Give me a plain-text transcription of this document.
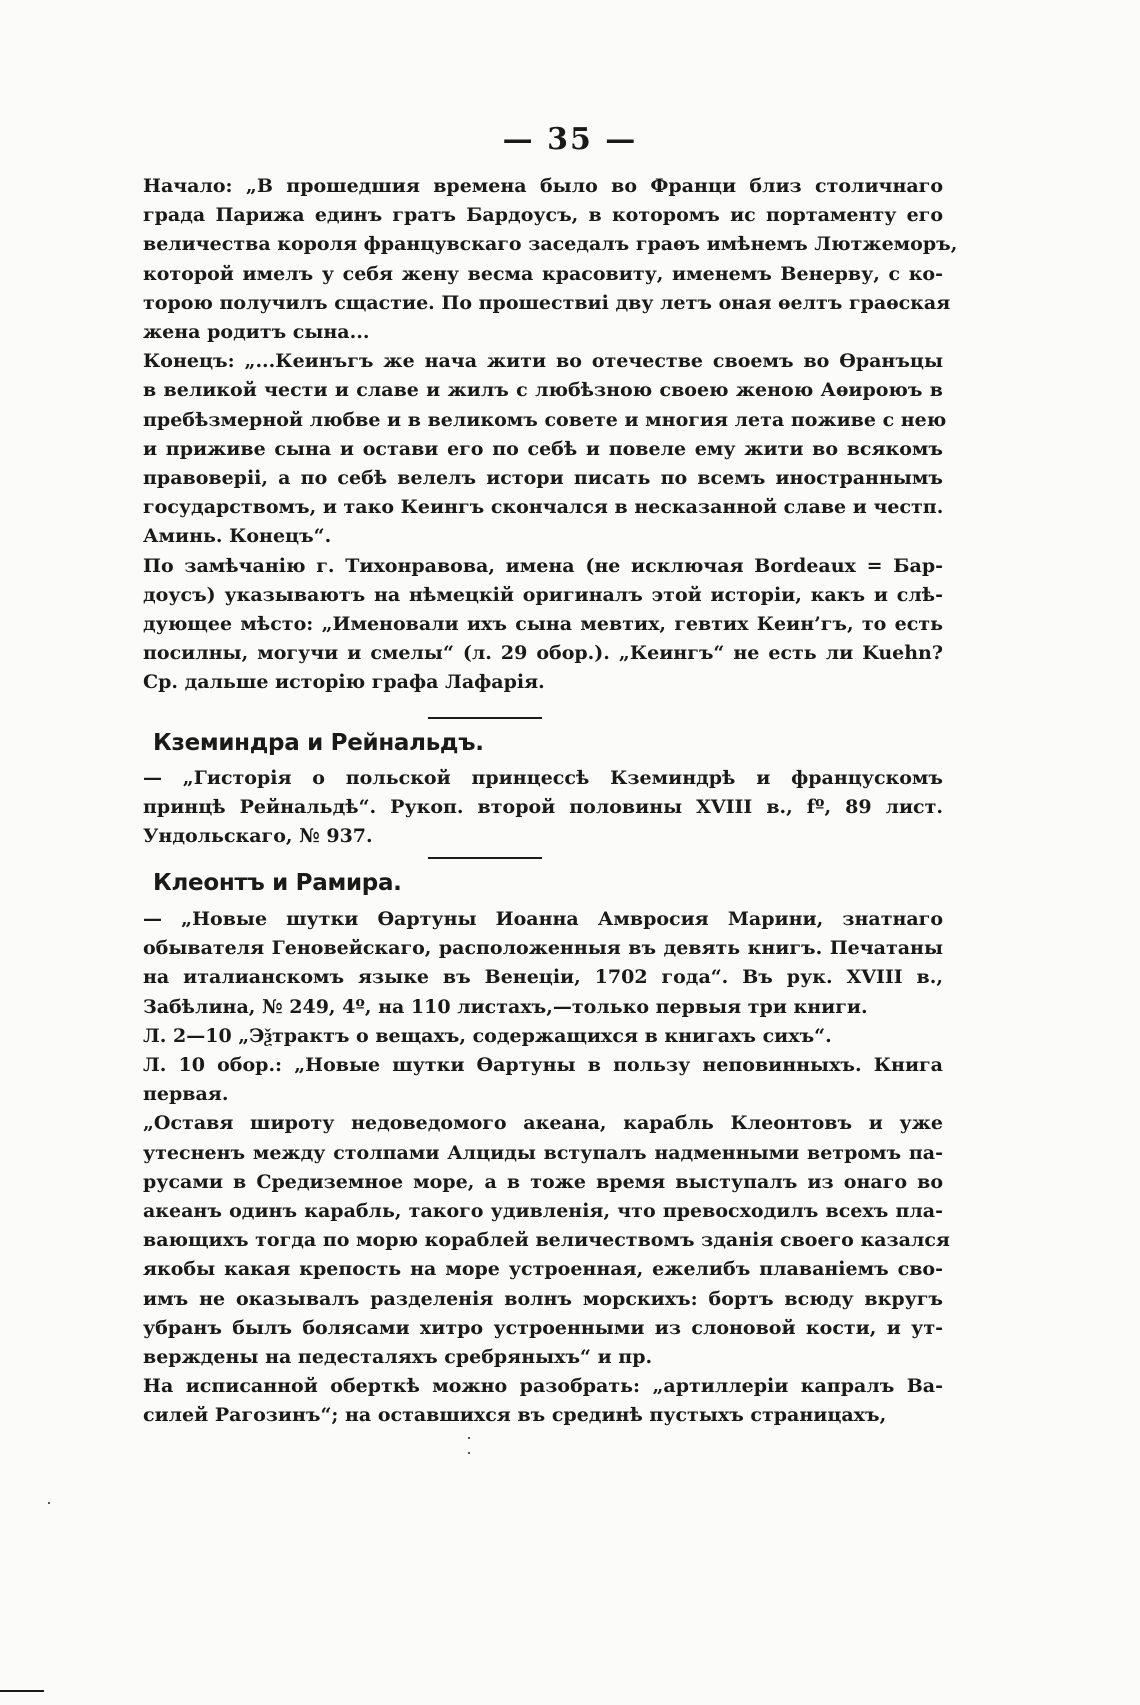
— 35 —
Начало: „В прошедшия времена было во Франци близ столичнаго
града Парижа единъ гратъ Бардоусъ, в которомъ ис портаменту его
величества короля францувскаго заседалъ граѳъ имѣнемъ Лютжеморъ,
которой имелъ у себя жену весма красовиту, именемъ Венерву, с ко-
торою получилъ сщастие. По прошествиі дву летъ оная ѳелтъ граѳская
жена родитъ сына...
Конецъ: „...Кеинъгъ же нача жити во отечестве своемъ во Ѳранъцы
в великой чести и славе и жилъ с любѣзною своею женою Аѳироюъ в
пребѣзмерной любве и в великомъ совете и многия лета поживе с нею
и приживе сына и остави его по себѣ и повеле ему жити во всякомъ
правоверіі, а по себѣ велелъ истори писать по всемъ иностраннымъ
государствомъ, и тако Кеингъ скончался в несказанной славе и честп.
Аминь. Конецъ“.
По замѣчанію г. Тихонравова, имена (не исключая Bordeaux = Бар-
доусъ) указываютъ на нѣмецкій оригиналъ этой исторіи, какъ и слѣ-
дующее мѣсто: „Именовали ихъ сына мевтих, гевтих Кеин’гъ, то есть
посилны, могучи и смелы“ (л. 29 обор.). „Кеингъ“ не есть ли Kuehn?
Ср. дальше исторію графа Лафарія.
Кземиндра и Рейнальдъ.
— „Гисторія о польской принцессѣ Кземиндрѣ и францускомъ
принцѣ Рейнальдѣ“. Рукоп. второй половины XVIII в., fº, 89 лист.
Ундольскаго, № 937.
Клеонтъ и Рамира.
— „Новые шутки Ѳартуны Иоанна Амвросия Марини, знатнаго
обывателя Геновейскаго, расположенныя въ девять книгъ. Печатаны
на италианскомъ языке въ Венеціи, 1702 года“. Въ рук. XVIII в.,
Забѣлина, № 249, 4º, на 110 листахъ,—только первыя три книги.
Л. 2—10 „Эѯтрактъ о вещахъ, содержащихся в книгахъ сихъ“.
Л. 10 обор.: „Новые шутки Ѳартуны в пользу неповинныхъ. Книга
первая.
„Оставя широту недоведомого акеана, карабль Клеонтовъ и уже
утесненъ между столпами Алциды вступалъ надменными ветромъ па-
русами в Средиземное море, а в тоже время выступалъ из онаго во
акеанъ одинъ карабль, такого удивленія, что превосходилъ всехъ пла-
вающихъ тогда по морю кораблей величествомъ зданія своего казался
якобы какая крепость на море устроенная, ежелибъ плаваніемъ сво-
имъ не оказывалъ разделенія волнъ морскихъ: бортъ всюду вкругъ
убранъ былъ болясами хитро устроенными из слоновой кости, и ут-
верждены на педесталяхъ сребряныхъ“ и пр.
На исписанной оберткѣ можно разобрать: „артиллеріи капралъ Ва-
силей Рагозинъ“; на оставшихся въ срединѣ пустыхъ страницахъ,
